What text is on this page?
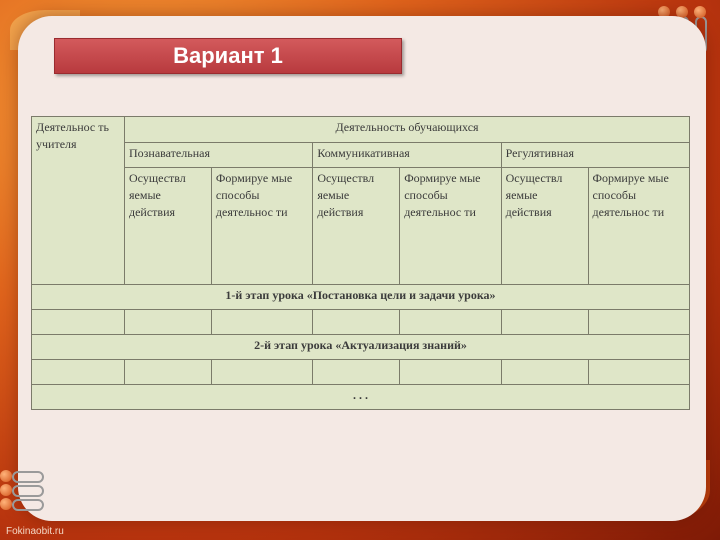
Вариант 1
Деятельнос ть учителя	Деятельность обучающихся					
	Познавательная		Коммуникативная		Регулятивная	
	Осуществл яемые действия	Формируе мые способы деятельнос ти	Осуществл яемые действия	Формируе мые способы деятельнос ти	Осуществл яемые действия	Формируе мые способы деятельнос ти
1-й этап урока «Постановка цели и задачи урока»						

2-й этап урока «Актуализация знаний»						

. . .						
Fokinaobit.ru
